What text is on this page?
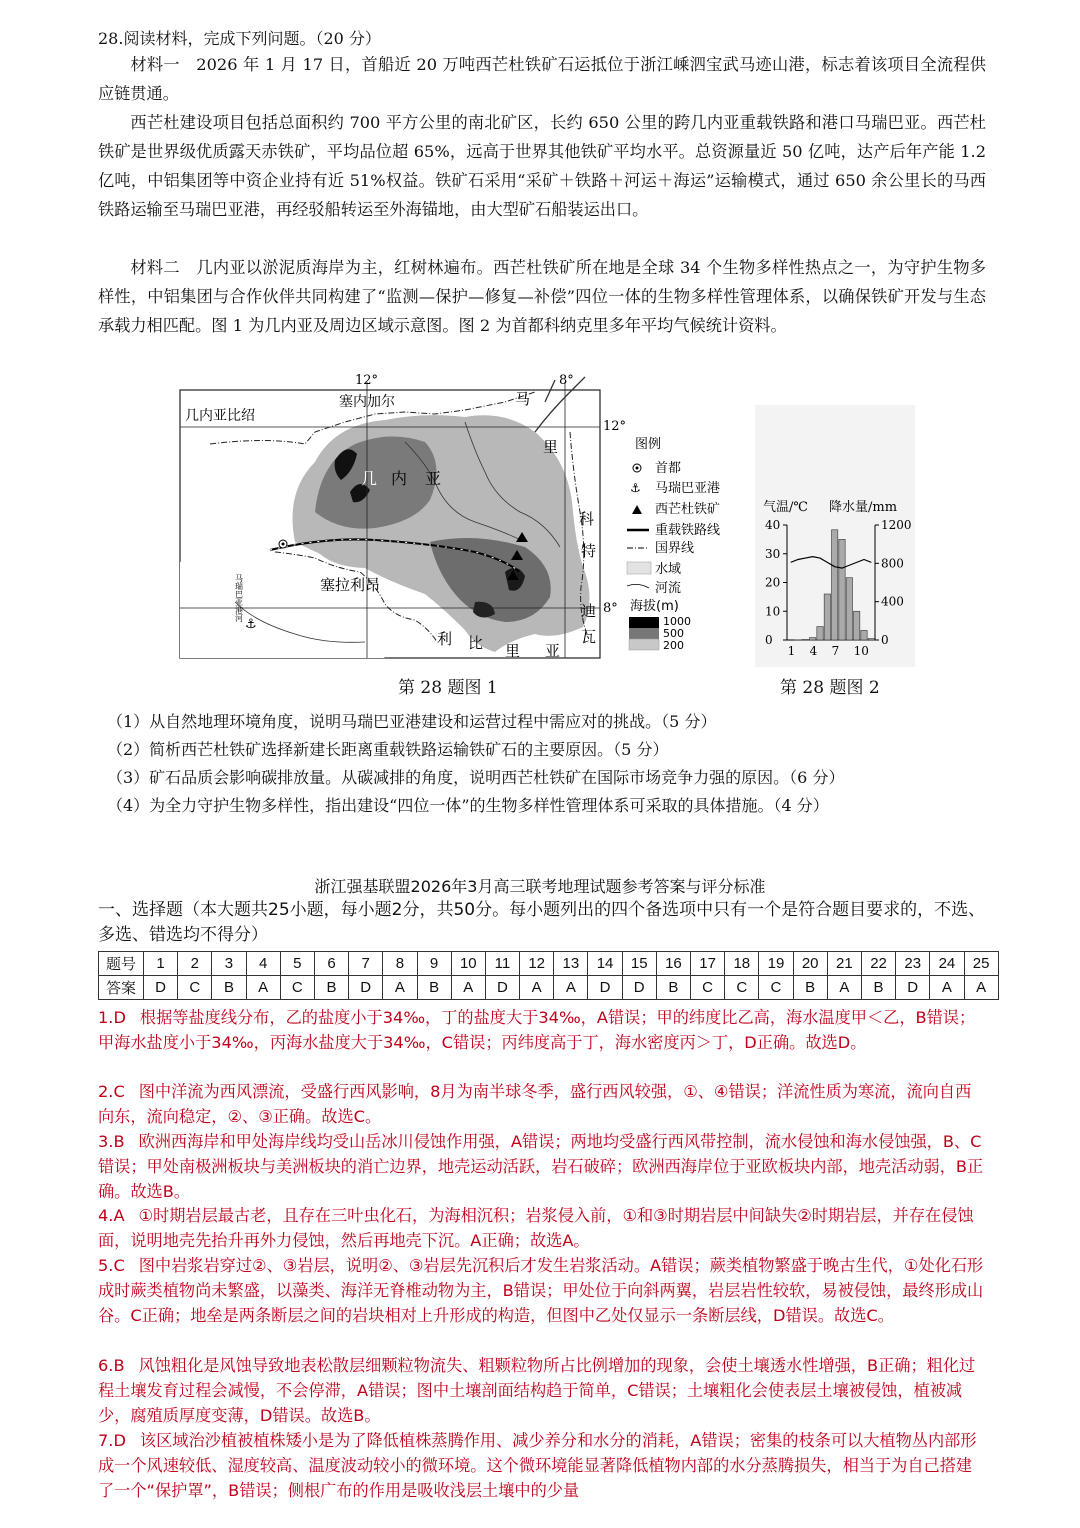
28.阅读材料，完成下列问题。（20 分）
材料一　2026 年 1 月 17 日，首船近 20 万吨西芒杜铁矿石运抵位于浙江嵊泗宝武马迹山港，标志着该项目全流程供应链贯通。
西芒杜建设项目包括总面积约 700 平方公里的南北矿区，长约 650 公里的跨几内亚重载铁路和港口马瑞巴亚。西芒杜铁矿是世界级优质露天赤铁矿，平均品位超 65%，远高于世界其他铁矿平均水平。总资源量近 50 亿吨，达产后年产能 1.2 亿吨，中铝集团等中资企业持有近 51%权益。铁矿石采用“采矿＋铁路＋河运＋海运”运输模式，通过 650 余公里长的马西铁路运输至马瑞巴亚港，再经驳船转运至外海锚地，由大型矿石船装运出口。
材料二　几内亚以淤泥质海岸为主，红树林遍布。西芒杜铁矿所在地是全球 34 个生物多样性热点之一，为守护生物多样性，中铝集团与合作伙伴共同构建了“监测—保护—修复—补偿”四位一体的生物多样性管理体系，以确保铁矿开发与生态承载力相匹配。图 1 为几内亚及周边区域示意图。图 2 为首都科纳克里多年平均气候统计资料。
⚓
12°	8°
12°
8°
几内亚比绍
塞内加尔	马
里
几 内 亚
塞拉利昂
利 比 里 亚
科
特
迪
瓦
马瑞巴亚港河
图例
首都
⚓ 马瑞巴亚港
西芒杜铁矿
重载铁路线
国界线
水域
河流
海拔(m)
1000
500
200
第 28 题图 1
气温/℃ 降水量/mm
40
30
20
10
0
1200
800
400
0
1 4 7 10
第 28 题图 2
（1）从自然地理环境角度，说明马瑞巴亚港建设和运营过程中需应对的挑战。（5 分）
（2）简析西芒杜铁矿选择新建长距离重载铁路运输铁矿石的主要原因。（5 分）
（3）矿石品质会影响碳排放量。从碳减排的角度，说明西芒杜铁矿在国际市场竞争力强的原因。（6 分）
（4）为全力守护生物多样性，指出建设“四位一体”的生物多样性管理体系可采取的具体措施。（4 分）
浙江强基联盟2026年3月高三联考地理试题参考答案与评分标准
一、选择题（本大题共25小题，每小题2分，共50分。每小题列出的四个备选项中只有一个是符合题目要求的，不选、多选、错选均不得分）
题号	1	2	3	4	5	6	7	8	9	10	11	12	13	14	15	16	17	18	19	20	21	22	23	24	25
答案	D	C	B	A	C	B	D	A	B	A	D	A	A	D	D	B	C	C	C	B	A	B	D	A	A
1.D 根据等盐度线分布，乙的盐度小于34‰，丁的盐度大于34‰，A错误；甲的纬度比乙高，海水温度甲＜乙，B错误；甲海水盐度小于34‰，丙海水盐度大于34‰，C错误；丙纬度高于丁，海水密度丙＞丁，D正确。故选D。
2.C 图中洋流为西风漂流，受盛行西风影响，8月为南半球冬季，盛行西风较强，①、④错误；洋流性质为寒流，流向自西向东，流向稳定，②、③正确。故选C。
3.B 欧洲西海岸和甲处海岸线均受山岳冰川侵蚀作用强，A错误；两地均受盛行西风带控制，流水侵蚀和海水侵蚀强，B、C错误；甲处南极洲板块与美洲板块的消亡边界，地壳运动活跃，岩石破碎；欧洲西海岸位于亚欧板块内部，地壳活动弱，B正确。故选B。
4.A ①时期岩层最古老，且存在三叶虫化石，为海相沉积；岩浆侵入前，①和③时期岩层中间缺失②时期岩层，并存在侵蚀面，说明地壳先抬升再外力侵蚀，然后再地壳下沉。A正确；故选A。
5.C 图中岩浆岩穿过②、③岩层，说明②、③岩层先沉积后才发生岩浆活动。A错误；蕨类植物繁盛于晚古生代，①处化石形成时蕨类植物尚未繁盛，以藻类、海洋无脊椎动物为主，B错误；甲处位于向斜两翼，岩层岩性较软，易被侵蚀，最终形成山谷。C正确；地垒是两条断层之间的岩块相对上升形成的构造，但图中乙处仅显示一条断层线，D错误。故选C。
6.B 风蚀粗化是风蚀导致地表松散层细颗粒物流失、粗颗粒物所占比例增加的现象，会使土壤透水性增强，B正确；粗化过程土壤发育过程会减慢，不会停滞，A错误；图中土壤剖面结构趋于简单，C错误；土壤粗化会使表层土壤被侵蚀，植被减少，腐殖质厚度变薄，D错误。故选B。
7.D 该区域治沙植被植株矮小是为了降低植株蒸腾作用、减少养分和水分的消耗，A错误；密集的枝条可以大植物丛内部形成一个风速较低、湿度较高、温度波动较小的微环境。这个微环境能显著降低植物内部的水分蒸腾损失，相当于为自己搭建了一个“保护罩”，B错误；侧根广布的作用是吸收浅层土壤中的少量
